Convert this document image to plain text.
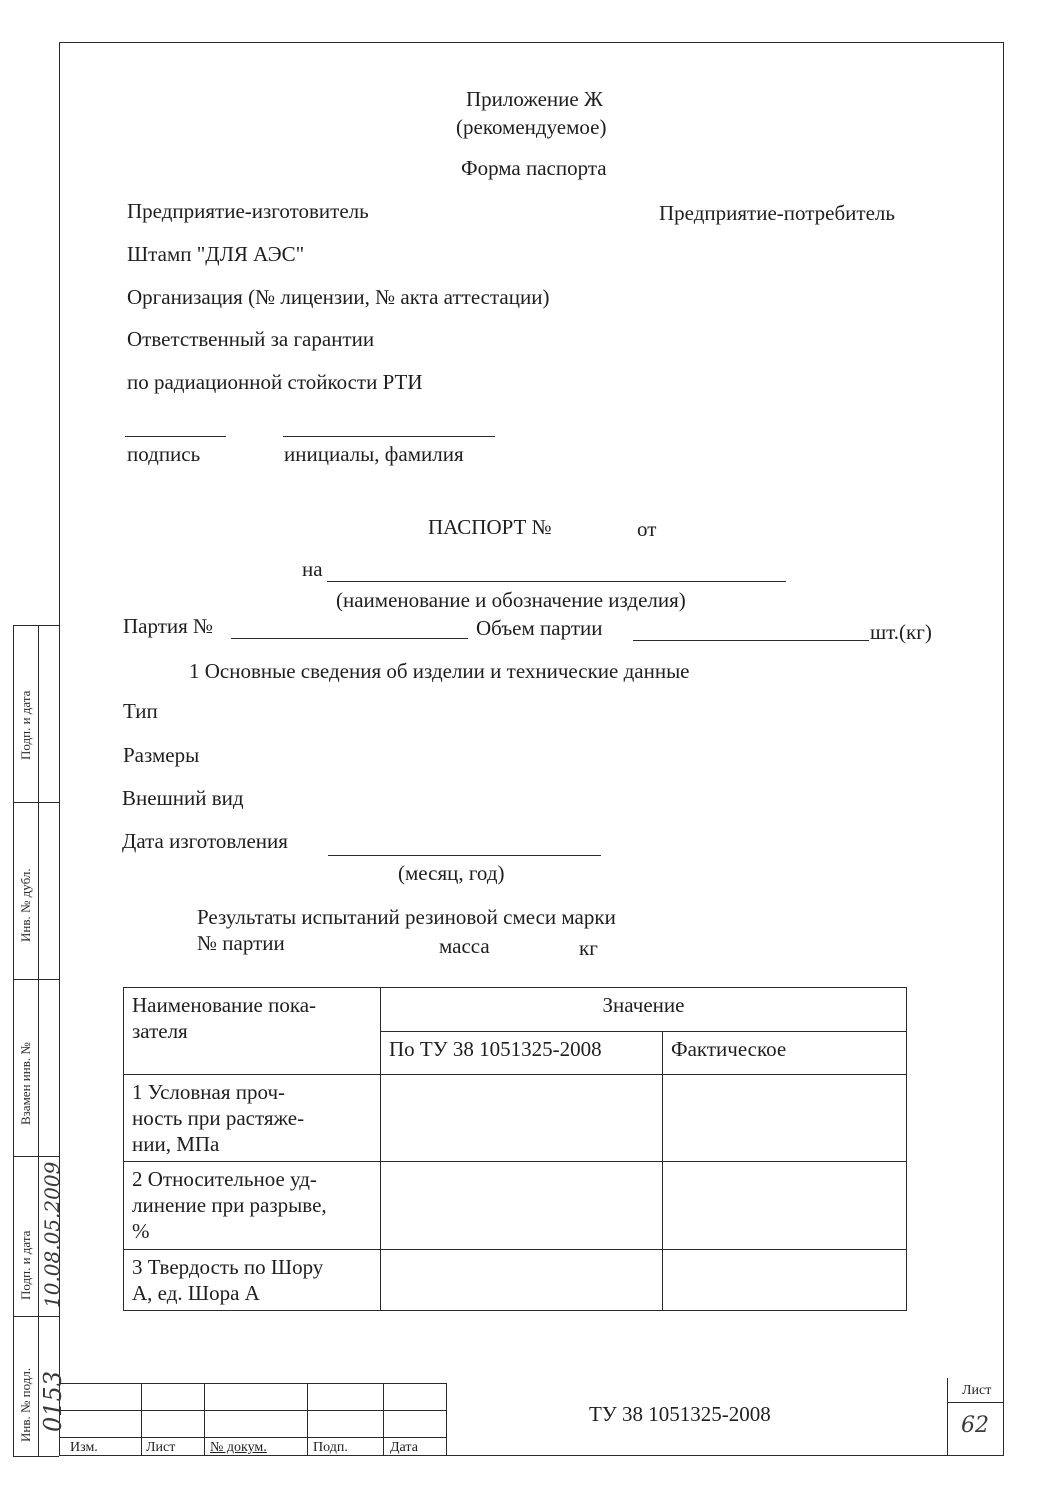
Приложение Ж
(рекомендуемое)
Форма паспорта
Предприятие-изготовитель	Предприятие-потребитель
Штамп "ДЛЯ АЭС"
Организация (№ лицензии, № акта аттестации)
Ответственный за гарантии
по радиационной стойкости РТИ
подпись	инициалы, фамилия
ПАСПОРТ №	от
на
(наименование и обозначение изделия)
Партия №	Объем партии	шт.(кг)
1 Основные сведения об изделии и технические данные
Тип
Размеры
Внешний вид
Дата изготовления
(месяц, год)
Результаты испытаний резиновой смеси марки
№ партии	масса	кг
Наименование пока-
зателя	Значение	
	По ТУ 38 1051325-2008	Фактическое
1 Условная проч-
ность при растяже-
нии, МПа		
2 Относительное уд-
линение при разрыве,
%		
3 Твердость по Шору
А, ед. Шора А		
Инв. № подл.
Подп. и дата
Взамен инв. №
Инв. № дубл.
Подп. и дата
0153
10.08.05.2009
Изм.	Лист № докум.	Подп.	Дата
ТУ 38 1051325-2008
Лист
62
